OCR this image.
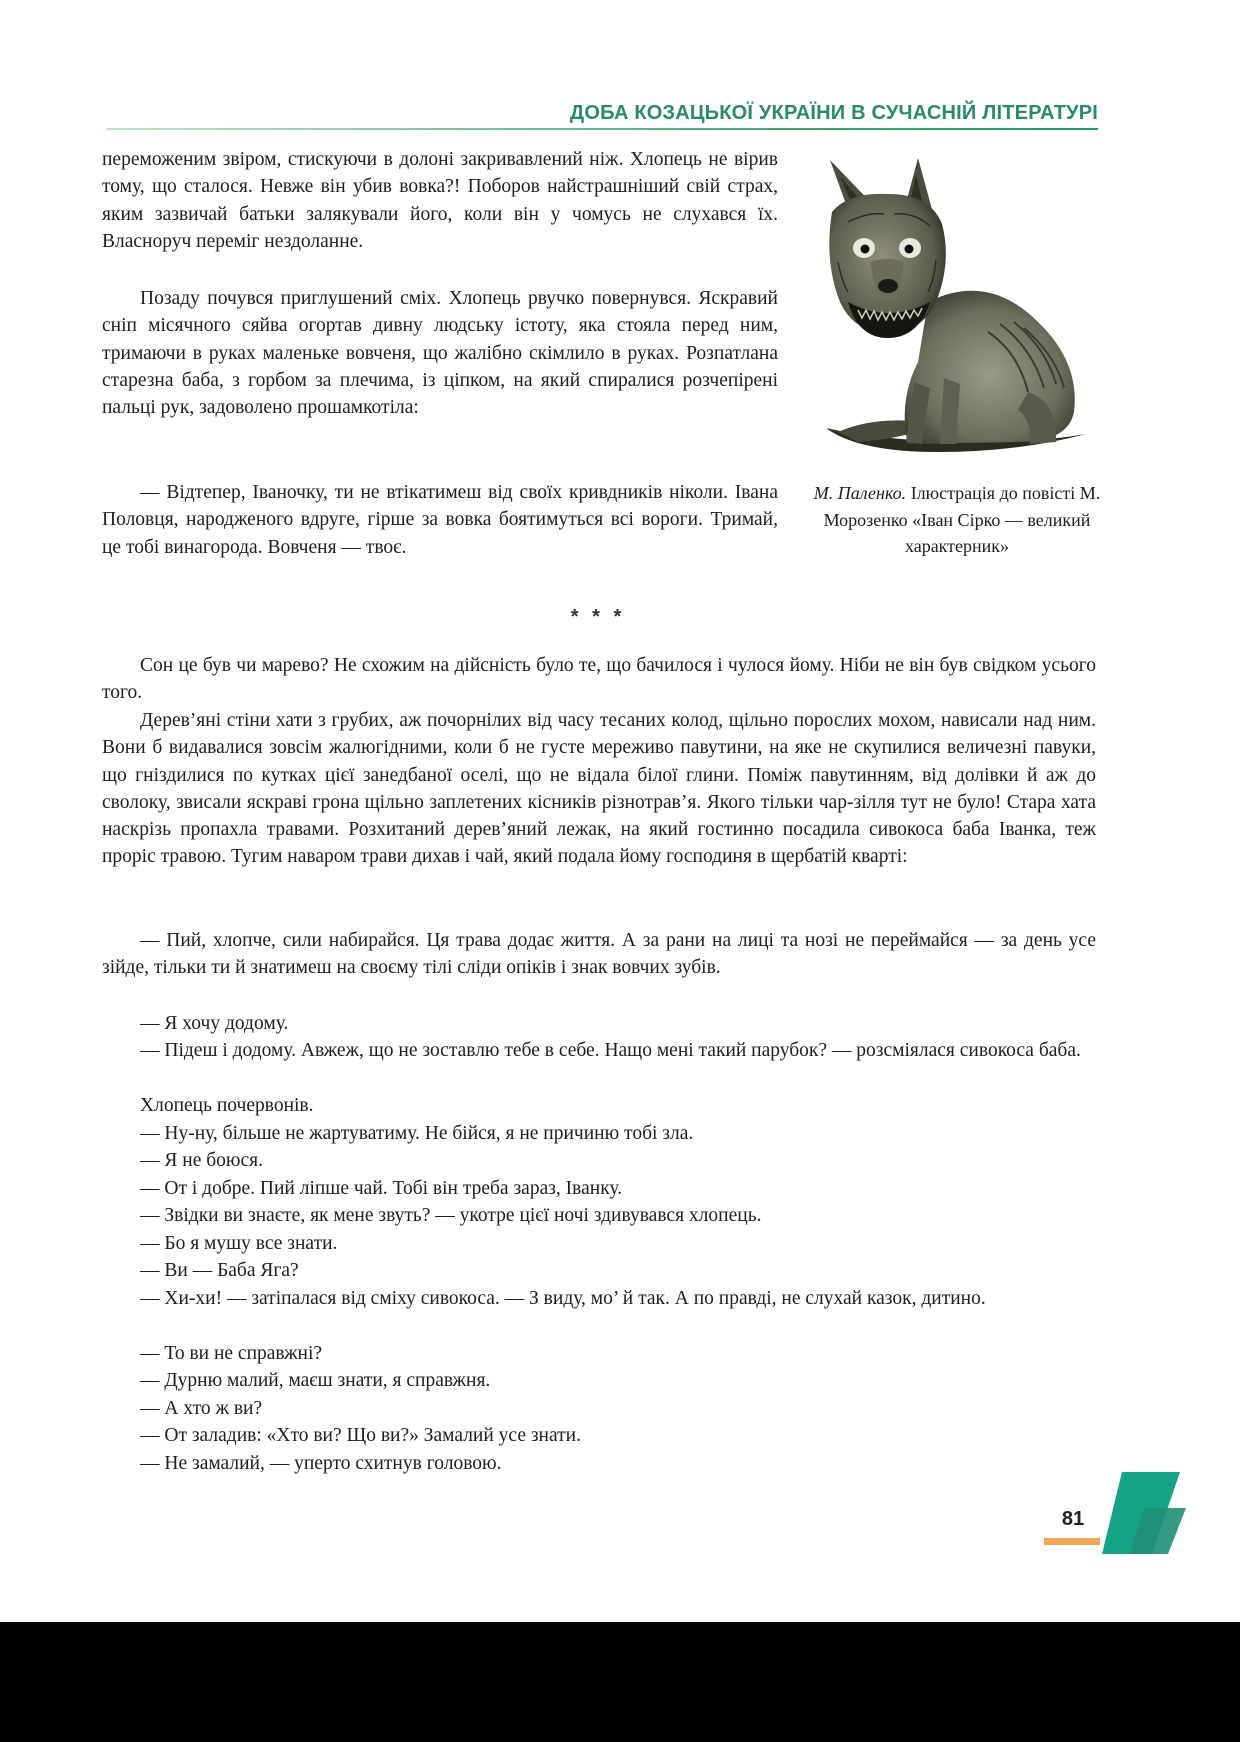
ДОБА КОЗАЦЬКОЇ УКРАЇНИ В СУЧАСНІЙ ЛІТЕРАТУРІ

переможеним звіром, стискуючи в долоні закривавлений ніж. Хлопець не вірив тому, що сталося. Невже він убив вовка?! Поборов найстрашніший свій страх, яким зазвичай батьки залякували його, коли він у чомусь не слухався їх. Власноруч переміг нездоланне.

Позаду почувся приглушений сміх. Хлопець рвучко повернувся. Яскравий сніп місячного сяйва огортав дивну людську істоту, яка стояла перед ним, тримаючи в руках маленьке вовченя, що жалібно скімлило в руках. Розпатлана старезна баба, з горбом за плечима, із ціпком, на який спиралися розчепірені пальці рук, задоволено прошамкотіла:

— Відтепер, Іваночку, ти не втікатимеш від своїх кривдників ніколи. Івана Половця, народженого вдруге, гірше за вовка боятимуться всі вороги. Тримай, це тобі винагорода. Вовченя — твоє.

М. Паленко. Ілюстрація до повісті М. Морозенко «Іван Сірко — великий характерник»
* * *

Сон це був чи марево? Не схожим на дійсність було те, що бачилося і чулося йому. Ніби не він був свідком усього того.

Дерев’яні стіни хати з грубих, аж почорнілих від часу тесаних колод, щільно порослих мохом, нависали над ним. Вони б видавалися зовсім жалюгідними, коли б не густе мереживо павутини, на яке не скупилися величезні павуки, що гніздилися по кутках цієї занедбаної оселі, що не відала білої глини. Поміж павутинням, від долівки й аж до сволоку, звисали яскраві грона щільно заплетених кісників різнотрав’я. Якого тільки чар-зілля тут не було! Стара хата наскрізь пропахла травами. Розхитаний дерев’яний лежак, на який гостинно посадила сивокоса баба Іванка, теж проріс травою. Тугим наваром трави дихав і чай, який подала йому господиня в щербатій кварті:

— Пий, хлопче, сили набирайся. Ця трава додає життя. А за рани на лиці та нозі не переймайся — за день усе зійде, тільки ти й знатимеш на своєму тілі сліди опіків і знак вовчих зубів.

— Я хочу додому.

— Підеш і додому. Авжеж, що не зоставлю тебе в себе. Нащо мені такий парубок? — розсміялася сивокоса баба.

Хлопець почервонів.

— Ну-ну, більше не жартуватиму. Не бійся, я не причиню тобі зла.

— Я не боюся.

— От і добре. Пий ліпше чай. Тобі він треба зараз, Іванку.

— Звідки ви знаєте, як мене звуть? — укотре цієї ночі здивувався хлопець.

— Бо я мушу все знати.

— Ви — Баба Яга?

— Хи-хи! — затіпалася від сміху сивокоса. — З виду, мо’ й так. А по правді, не слухай казок, дитино.

— То ви не справжні?

— Дурню малий, маєш знати, я справжня.

— А хто ж ви?

— От заладив: «Хто ви? Що ви?» Замалий усе знати.

— Не замалий, — уперто схитнув головою.

81
